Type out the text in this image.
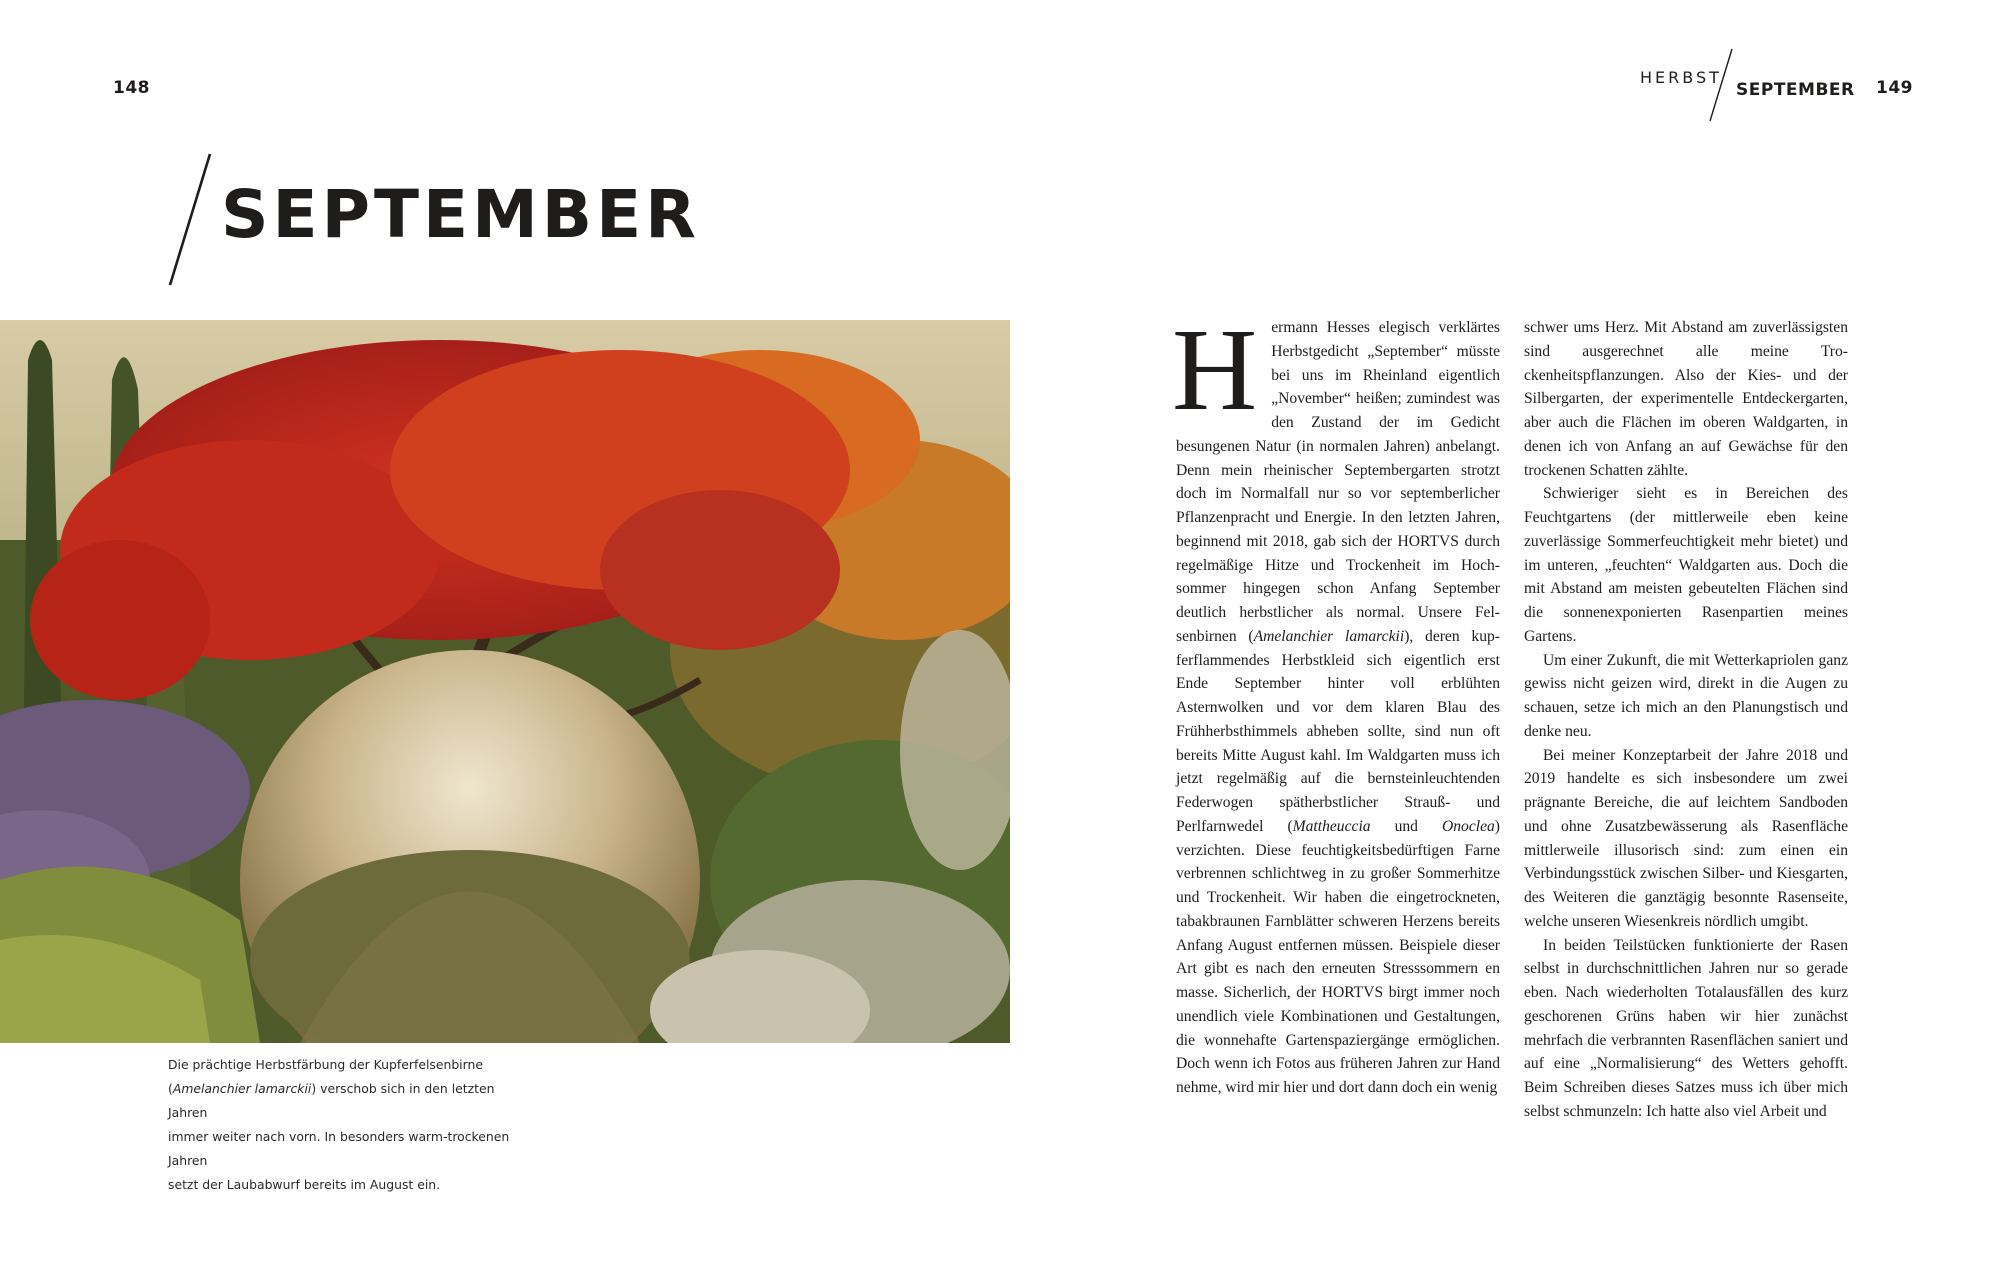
148
SEPTEMBER

Die prächtige Herbstfärbung der Kupferfelsenbirne

(Amelanchier lamarckii) verschob sich in den letzten Jahren

immer weiter nach vorn. In besonders warm-trockenen Jahren

setzt der Laubabwurf bereits im August ein.

HERBST
SEPTEMBER 149

Hermann Hesses elegisch verklärtes Herbstgedicht „September“ müsste bei uns im Rheinland eigentlich „November“ heißen; zumindest was den Zustand der im Gedicht besungenen Natur (in normalen Jahren) anbelangt. Denn mein rheinischer Septembergarten strotzt doch im Normalfall nur so vor septemberlicher Pflanzenpracht und Energie. In den letzten Jahren, beginnend mit 2018, gab sich der HORTVS durch regelmäßige Hitze und Trockenheit im Hochsommer hingegen schon Anfang September deutlich herbstlicher als normal. Unsere Felsenbirnen (Amelanchier lamarckii), deren kupferflammendes Herbstkleid sich eigentlich erst Ende September hinter voll erblühten Asternwolken und vor dem klaren Blau des Frühherbsthimmels abheben sollte, sind nun oft bereits Mitte August kahl. Im Waldgarten muss ich jetzt regelmäßig auf die bernsteinleuchtenden Federwogen spätherbstlicher Strauß- und Perlfarnwedel (Mattheuccia und Onoclea) verzichten. Diese feuchtigkeitsbedürftigen Farne verbrennen schlichtweg in zu großer Sommerhitze und Trockenheit. Wir haben die eingetrockneten, tabakbraunen Farnblätter schweren Herzens bereits Anfang August entfernen müssen. Beispiele dieser Art gibt es nach den erneuten Stresssommern en masse. Sicherlich, der HORTVS birgt immer noch unendlich viele Kombinationen und Gestaltungen, die wonnehafte Gartenspaziergänge ermöglichen. Doch wenn ich Fotos aus früheren Jahren zur Hand nehme, wird mir hier und dort dann doch ein wenig

schwer ums Herz. Mit Abstand am zuverlässigsten sind ausgerechnet alle meine Trockenheitspflanzungen. Also der Kies- und der Silbergarten, der experimentelle Entdeckergarten, aber auch die Flächen im oberen Waldgarten, in denen ich von Anfang an auf Gewächse für den trockenen Schatten zählte.

Schwieriger sieht es in Bereichen des Feuchtgartens (der mittlerweile eben keine zuverlässige Sommerfeuchtigkeit mehr bietet) und im unteren, „feuchten“ Waldgarten aus. Doch die mit Abstand am meisten gebeutelten Flächen sind die sonnenexponierten Rasenpartien meines Gartens.

Um einer Zukunft, die mit Wetterkapriolen ganz gewiss nicht geizen wird, direkt in die Augen zu schauen, setze ich mich an den Planungstisch und denke neu.

Bei meiner Konzeptarbeit der Jahre 2018 und 2019 handelte es sich insbesondere um zwei prägnante Bereiche, die auf leichtem Sandboden und ohne Zusatzbewässerung als Rasenfläche mittlerweile illusorisch sind: zum einen ein Verbindungsstück zwischen Silber- und Kiesgarten, des Weiteren die ganztägig besonnte Rasenseite, welche unseren Wiesenkreis nördlich umgibt.

In beiden Teilstücken funktionierte der Rasen selbst in durchschnittlichen Jahren nur so gerade eben. Nach wiederholten Totalausfällen des kurz geschorenen Grüns haben wir hier zunächst mehrfach die verbrannten Rasenflächen saniert und auf eine „Normalisierung“ des Wetters gehofft. Beim Schreiben dieses Satzes muss ich über mich selbst schmunzeln: Ich hatte also viel Arbeit und
